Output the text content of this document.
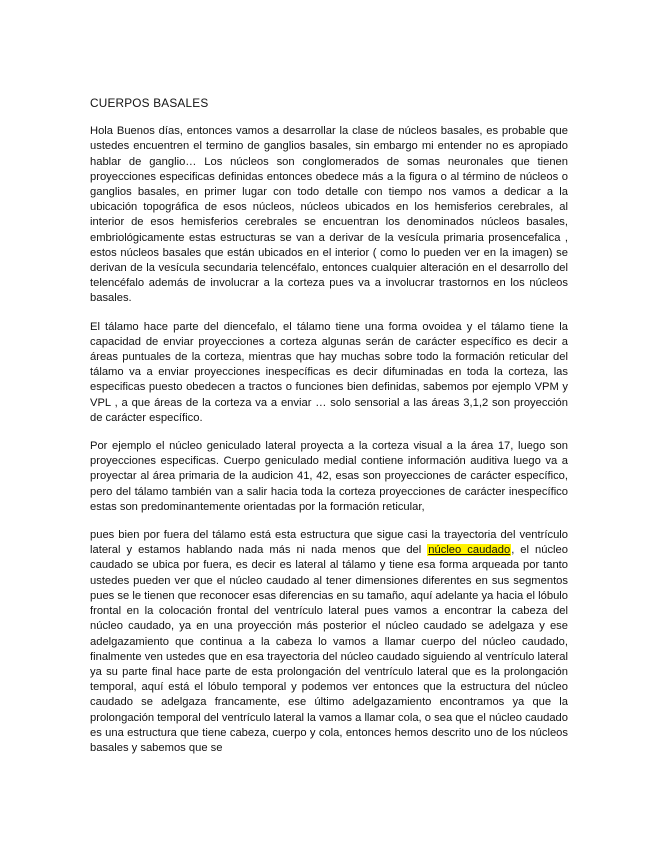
CUERPOS BASALES

Hola Buenos días, entonces vamos a desarrollar la clase de núcleos basales, es probable que ustedes encuentren el termino de ganglios basales, sin embargo mi entender no es apropiado hablar de ganglio… Los núcleos son conglomerados de somas neuronales que tienen proyecciones especificas definidas entonces obedece más a la figura o al término de núcleos o ganglios basales, en primer lugar con todo detalle con tiempo nos vamos a dedicar a la ubicación topográfica de esos núcleos, núcleos ubicados en los hemisferios cerebrales, al interior de esos hemisferios cerebrales se encuentran los denominados núcleos basales, embriológicamente estas estructuras se van a derivar de la vesícula primaria prosencefalica , estos núcleos basales que están ubicados en el interior ( como lo pueden ver en la imagen) se derivan de la vesícula secundaria telencéfalo, entonces cualquier alteración en el desarrollo del telencéfalo además de involucrar a la corteza pues va a involucrar trastornos en los núcleos basales.

El tálamo hace parte del diencefalo, el tálamo tiene una forma ovoidea y el tálamo tiene la capacidad de enviar proyecciones a corteza algunas serán de carácter específico es decir a áreas puntuales de la corteza, mientras que hay muchas sobre todo la formación reticular del tálamo va a enviar proyecciones inespecíficas es decir difuminadas en toda la corteza, las especificas puesto obedecen a tractos o funciones bien definidas, sabemos por ejemplo VPM y VPL , a que áreas de la corteza va a enviar … solo sensorial a las áreas 3,1,2 son proyección de carácter específico.

Por ejemplo el núcleo geniculado lateral proyecta a la corteza visual a la área 17, luego son proyecciones especificas. Cuerpo geniculado medial contiene información auditiva luego va a proyectar al área primaria de la audicion 41, 42, esas son proyecciones de carácter específico, pero del tálamo también van a salir hacia toda la corteza proyecciones de carácter inespecífico estas son predominantemente orientadas por la formación reticular,

pues bien por fuera del tálamo está esta estructura que sigue casi la trayectoria del ventrículo lateral y estamos hablando nada más ni nada menos que del núcleo caudado, el núcleo caudado se ubica por fuera, es decir es lateral al tálamo y tiene esa forma arqueada por tanto ustedes pueden ver que el núcleo caudado al tener dimensiones diferentes en sus segmentos pues se le tienen que reconocer esas diferencias en su tamaño, aquí adelante ya hacia el lóbulo frontal en la colocación frontal del ventrículo lateral pues vamos a encontrar la cabeza del núcleo caudado, ya en una proyección más posterior el núcleo caudado se adelgaza y ese adelgazamiento que continua a la cabeza lo vamos a llamar cuerpo del núcleo caudado, finalmente ven ustedes que en esa trayectoria del núcleo caudado siguiendo al ventrículo lateral ya su parte final hace parte de esta prolongación del ventrículo lateral que es la prolongación temporal, aquí está el lóbulo temporal y podemos ver entonces que la estructura del núcleo caudado se adelgaza francamente, ese último adelgazamiento encontramos ya que la prolongación temporal del ventrículo lateral la vamos a llamar cola, o sea que el núcleo caudado es una estructura que tiene cabeza, cuerpo y cola, entonces hemos descrito uno de los núcleos basales y sabemos que se
